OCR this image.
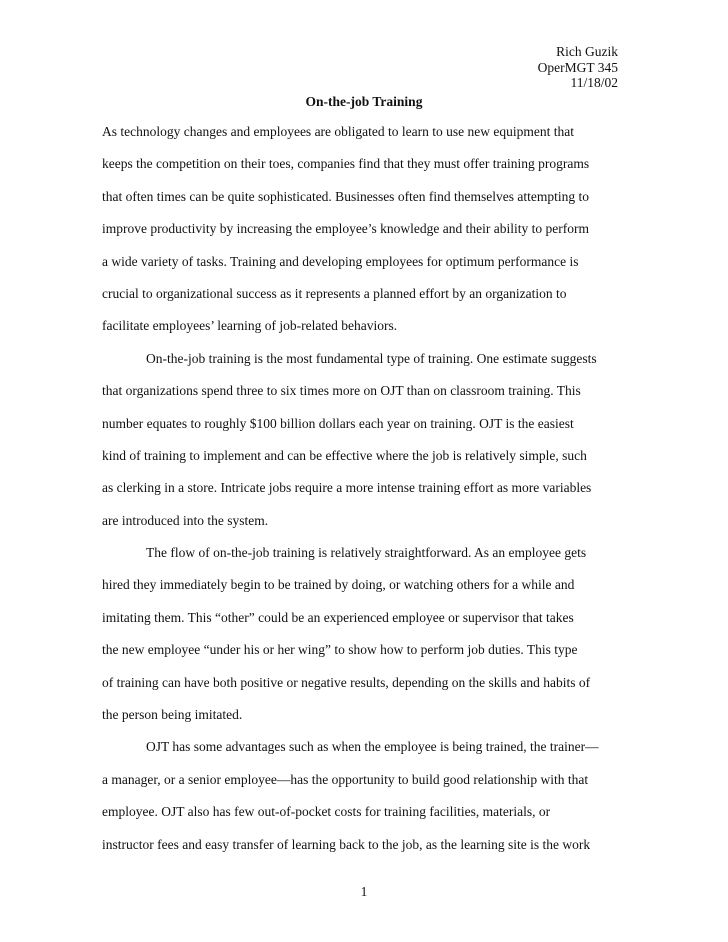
Rich Guzik
OperMGT 345
11/18/02
On-the-job Training
As technology changes and employees are obligated to learn to use new equipment that
keeps the competition on their toes, companies find that they must offer training programs
that often times can be quite sophisticated. Businesses often find themselves attempting to
improve productivity by increasing the employee’s knowledge and their ability to perform
a wide variety of tasks. Training and developing employees for optimum performance is
crucial to organizational success as it represents a planned effort by an organization to
facilitate employees’ learning of job-related behaviors.
On-the-job training is the most fundamental type of training. One estimate suggests
that organizations spend three to six times more on OJT than on classroom training. This
number equates to roughly $100 billion dollars each year on training. OJT is the easiest
kind of training to implement and can be effective where the job is relatively simple, such
as clerking in a store. Intricate jobs require a more intense training effort as more variables
are introduced into the system.
The flow of on-the-job training is relatively straightforward. As an employee gets
hired they immediately begin to be trained by doing, or watching others for a while and
imitating them. This “other” could be an experienced employee or supervisor that takes
the new employee “under his or her wing” to show how to perform job duties. This type
of training can have both positive or negative results, depending on the skills and habits of
the person being imitated.
OJT has some advantages such as when the employee is being trained, the trainer—
a manager, or a senior employee—has the opportunity to build good relationship with that
employee. OJT also has few out-of-pocket costs for training facilities, materials, or
instructor fees and easy transfer of learning back to the job, as the learning site is the work
1
